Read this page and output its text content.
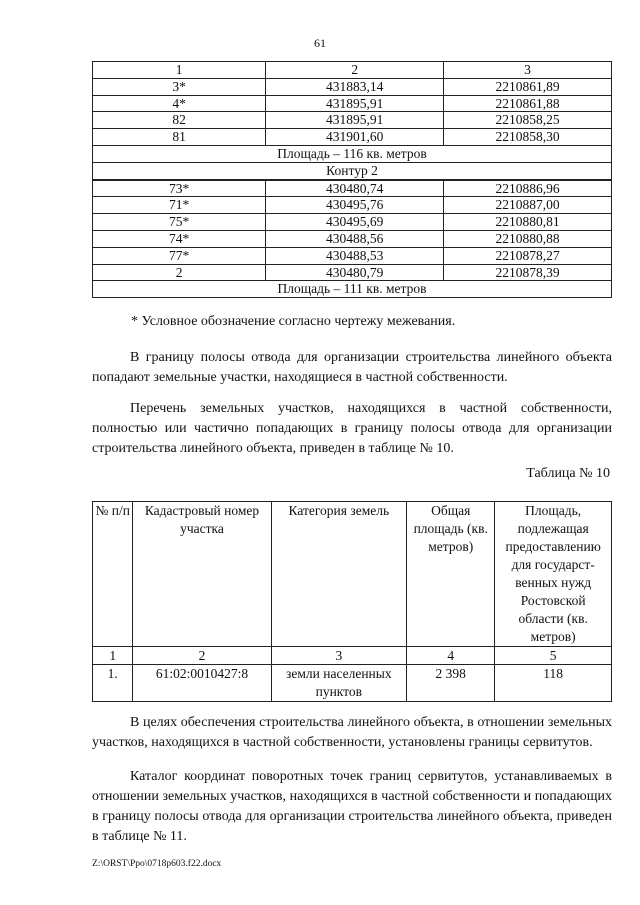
61
1	2	3
3*	431883,14	2210861,89
4*	431895,91	2210861,88
82	431895,91	2210858,25
81	431901,60	2210858,30
Площадь – 116 кв. метров		
Контур 2		
73*	430480,74	2210886,96
71*	430495,76	2210887,00
75*	430495,69	2210880,81
74*	430488,56	2210880,88
77*	430488,53	2210878,27
2	430480,79	2210878,39
Площадь – 111 кв. метров		
* Условное обозначение согласно чертежу межевания.
В границу полосы отвода для организации строительства линейного объекта попадают земельные участки, находящиеся в частной собственности.
Перечень земельных участков, находящихся в частной собственности, полностью или частично попадающих в границу полосы отвода для организации строительства линейного объекта, приведен в таблице № 10.
Таблица № 10
№ п/п	Кадастровый номер участка	Категория земель	Общая площадь (кв. метров)	Площадь, подлежащая предоставлению для государст-венных нужд Ростовской области (кв. метров)
1	2	3	4	5
1.	61:02:0010427:8	земли населенных пунктов	2 398	118
В целях обеспечения строительства линейного объекта, в отношении земельных участков, находящихся в частной собственности, установлены границы сервитутов.
Каталог координат поворотных точек границ сервитутов, устанавливаемых в отношении земельных участков, находящихся в частной собственности и попадающих в границу полосы отвода для организации строительства линейного объекта, приведен в таблице № 11.
Z:\ORST\Ppo\0718p603.f22.docx
